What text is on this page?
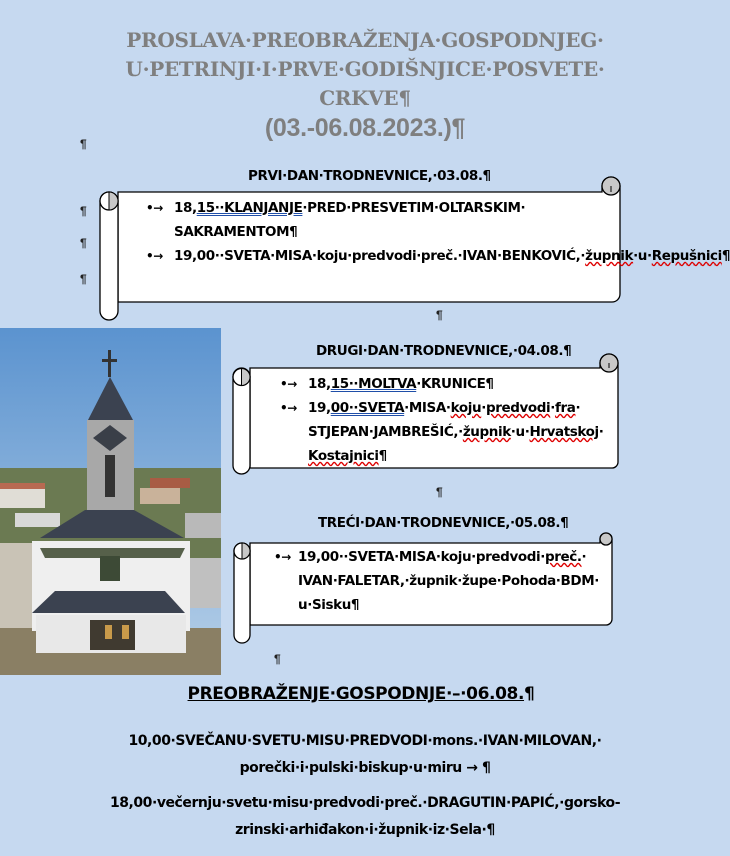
PROSLAVA·PREOBRAŽENJA·GOSPODNJEG·
U·PETRINJI·I·PRVE·GODIŠNJICE·POSVETE·
CRKVE¶
(03.-06.08.2023.)¶
¶
¶
¶
¶
PRVI·DAN·TRODNEVNICE,·03.08.¶
•→ 18,15··KLANJANJE·PRED·PRESVETIM·OLTARSKIM· SAKRAMENTOM¶
•→ 19,00··SVETA·MISA·koju·predvodi·preč.·IVAN·BENKOVIĆ,·župnik·u·Repušnici¶
¶
DRUGI·DAN·TRODNEVNICE,·04.08.¶
•→ 18,15··MOLTVA·KRUNICE¶
•→ 19,00··SVETA·MISA·koju·predvodi·fra· STJEPAN·JAMBREŠIĆ,·župnik·u·Hrvatskoj· Kostajnici¶
¶
TREĆI·DAN·TRODNEVNICE,·05.08.¶
•→ 19,00··SVETA·MISA·koju·predvodi·preč.· IVAN·FALETAR,·župnik·župe·Pohoda·BDM· u·Sisku¶
¶
PREOBRAŽENJE·GOSPODNJE·–·06.08.¶
10,00·SVEČANU·SVETU·MISU·PREDVODI·mons.·IVAN·MILOVAN,· porečki·i·pulski·biskup·u·miru → ¶
18,00·večernju·svetu·misu·predvodi·preč.·DRAGUTIN·PAPIĆ,·gorsko-zrinski·arhiđakon·i·župnik·iz·Sela·¶
